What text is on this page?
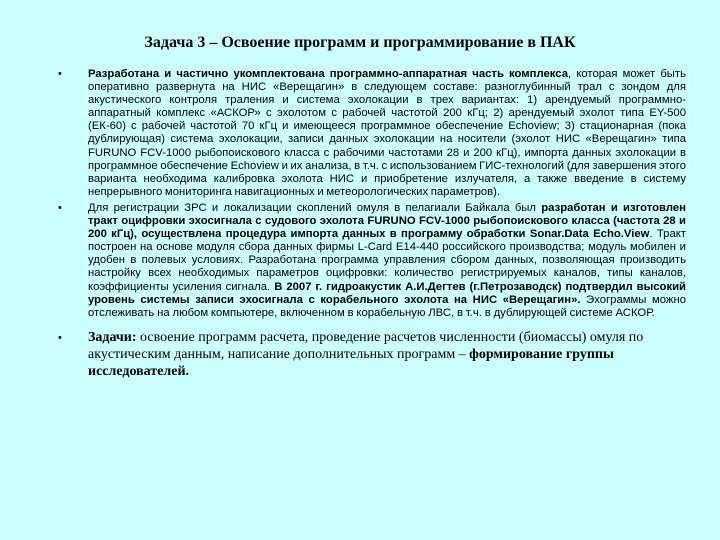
Задача 3 – Освоение программ и программирование в ПАК
• Разработана и частично укомплектована программно-аппаратная часть комплекса, которая может быть оперативно развернута на НИС «Верещагин» в следующем составе: разноглубинный трал с зондом для акустического контроля траления и система эхолокации в трех вариантах: 1) арендуемый программно-аппаратный комплекс «АСКОР» с эхолотом с рабочей частотой 200 кГц; 2) арендуемый эхолот типа EY-500 (ЕК-60) с рабочей частотой 70 кГц и имеющееся программное обеспечение Echoview; 3) стационарная (пока дублирующая) система эхолокации, записи данных эхолокации на носители (эхолот НИС «Верещагин» типа FURUNO FCV-1000 рыбопоискового класса с рабочими частотами 28 и 200 кГц), импорта данных эхолокации в программное обеспечение Echoview и их анализа, в т.ч. с использованием ГИС-технологий (для завершения этого варианта необходима калибровка эхолота НИС и приобретение излучателя, а также введение в систему непрерывного мониторинга навигационных и метеорологических параметров).

• Для регистрации ЗРС и локализации скоплений омуля в пелагиали Байкала был разработан и изготовлен тракт оцифровки эхосигнала с судового эхолота FURUNO FCV-1000 рыбопоискового класса (частота 28 и 200 кГц), осуществлена процедура импорта данных в программу обработки Sonar.Data Echo.View. Тракт построен на основе модуля сбора данных фирмы L-Card E14-440 российского производства; модуль мобилен и удобен в полевых условиях. Разработана программа управления сбором данных, позволяющая производить настройку всех необходимых параметров оцифровки: количество регистрируемых каналов, типы каналов, коэффициенты усиления сигнала. В 2007 г. гидроакустик А.И.Дегтев (г.Петрозаводск) подтвердил высокий уровень системы записи эхосигнала с корабельного эхолота на НИС «Верещагин». Эхограммы можно отслеживать на любом компьютере, включенном в корабельную ЛВС, в т.ч. в дублирующей системе АСКОР.

• Задачи: освоение программ расчета, проведение расчетов численности (биомассы) омуля по акустическим данным, написание дополнительных программ – формирование группы исследователей.
